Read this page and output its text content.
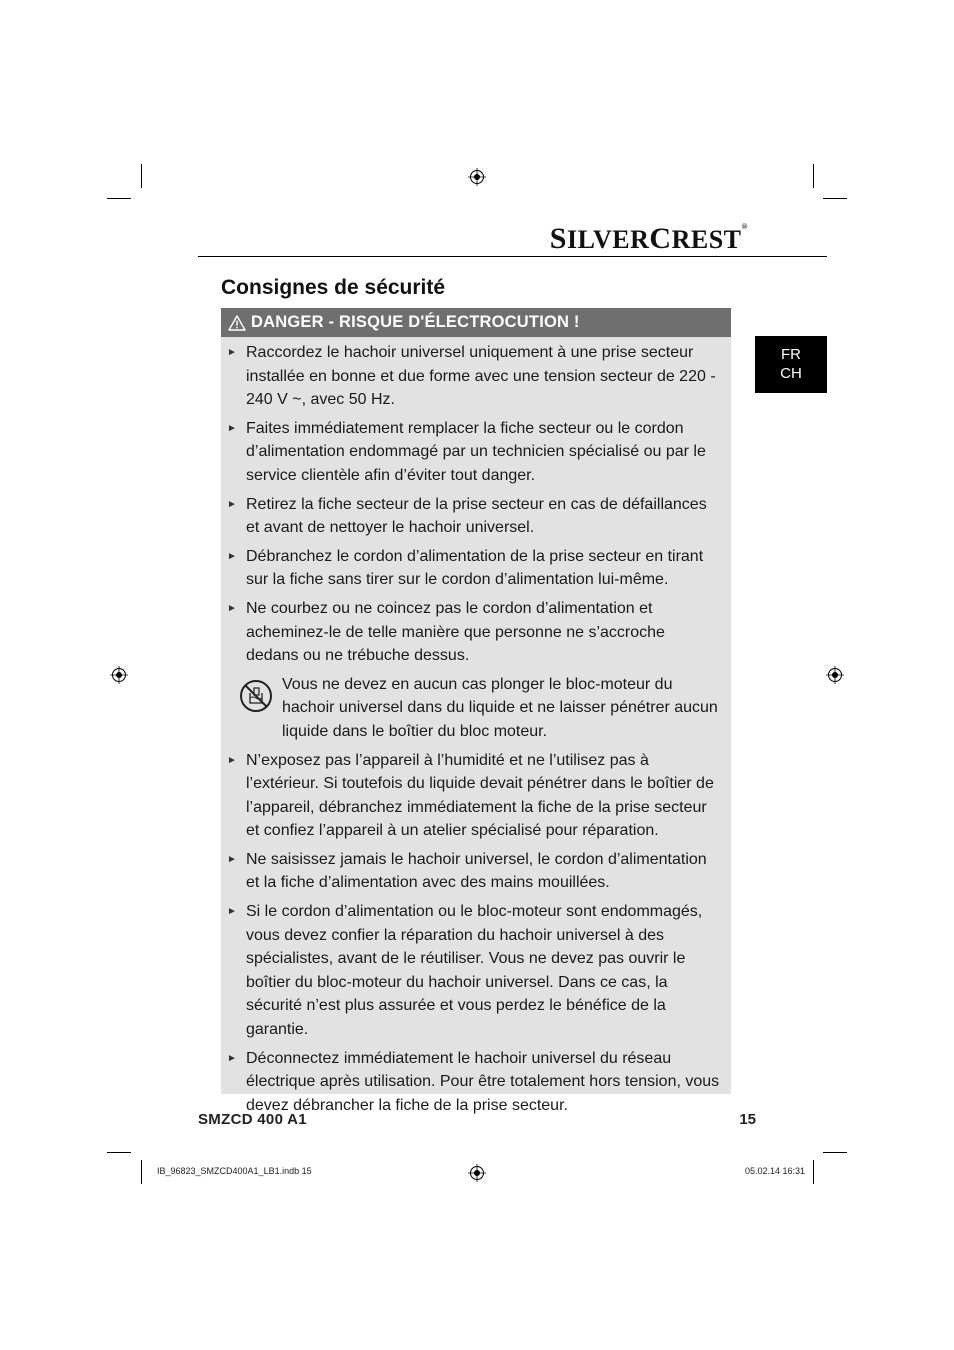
SILVERCREST®
Consignes de sécurité
FR
CH
DANGER - RISQUE D'ÉLECTROCUTION !
► Raccordez le hachoir universel uniquement à une prise secteur installée en bonne et due forme avec une tension secteur de 220 - 240 V ~, avec 50 Hz.
► Faites immédiatement remplacer la fiche secteur ou le cordon d’alimentation endommagé par un technicien spécialisé ou par le service clientèle afin d’éviter tout danger.
► Retirez la fiche secteur de la prise secteur en cas de défaillances et avant de nettoyer le hachoir universel.
► Débranchez le cordon d’alimentation de la prise secteur en tirant sur la fiche sans tirer sur le cordon d’alimentation lui-même.
► Ne courbez ou ne coincez pas le cordon d’alimentation et acheminez-le de telle manière que personne ne s’accroche dedans ou ne trébuche dessus.
Vous ne devez en aucun cas plonger le bloc-moteur du hachoir universel dans du liquide et ne laisser pénétrer aucun liquide dans le boîtier du bloc moteur.
► N’exposez pas l’appareil à l’humidité et ne l’utilisez pas à l’extérieur. Si toutefois du liquide devait pénétrer dans le boîtier de l’appareil, débranchez immédiatement la fiche de la prise secteur et confiez l’appareil à un atelier spécialisé pour réparation.
► Ne saisissez jamais le hachoir universel, le cordon d’alimentation et la fiche d’alimentation avec des mains mouillées.
► Si le cordon d’alimentation ou le bloc-moteur sont endommagés, vous devez confier la réparation du hachoir universel à des spécialistes, avant de le réutiliser. Vous ne devez pas ouvrir le boîtier du bloc-moteur du hachoir universel. Dans ce cas, la sécurité n’est plus assurée et vous perdez le bénéfice de la garantie.
► Déconnectez immédiatement le hachoir universel du réseau électrique après utilisation. Pour être totalement hors tension, vous devez débrancher la fiche de la prise secteur.
SMZCD 400 A1	15
IB_96823_SMZCD400A1_LB1.indb 15	05.02.14 16:31
